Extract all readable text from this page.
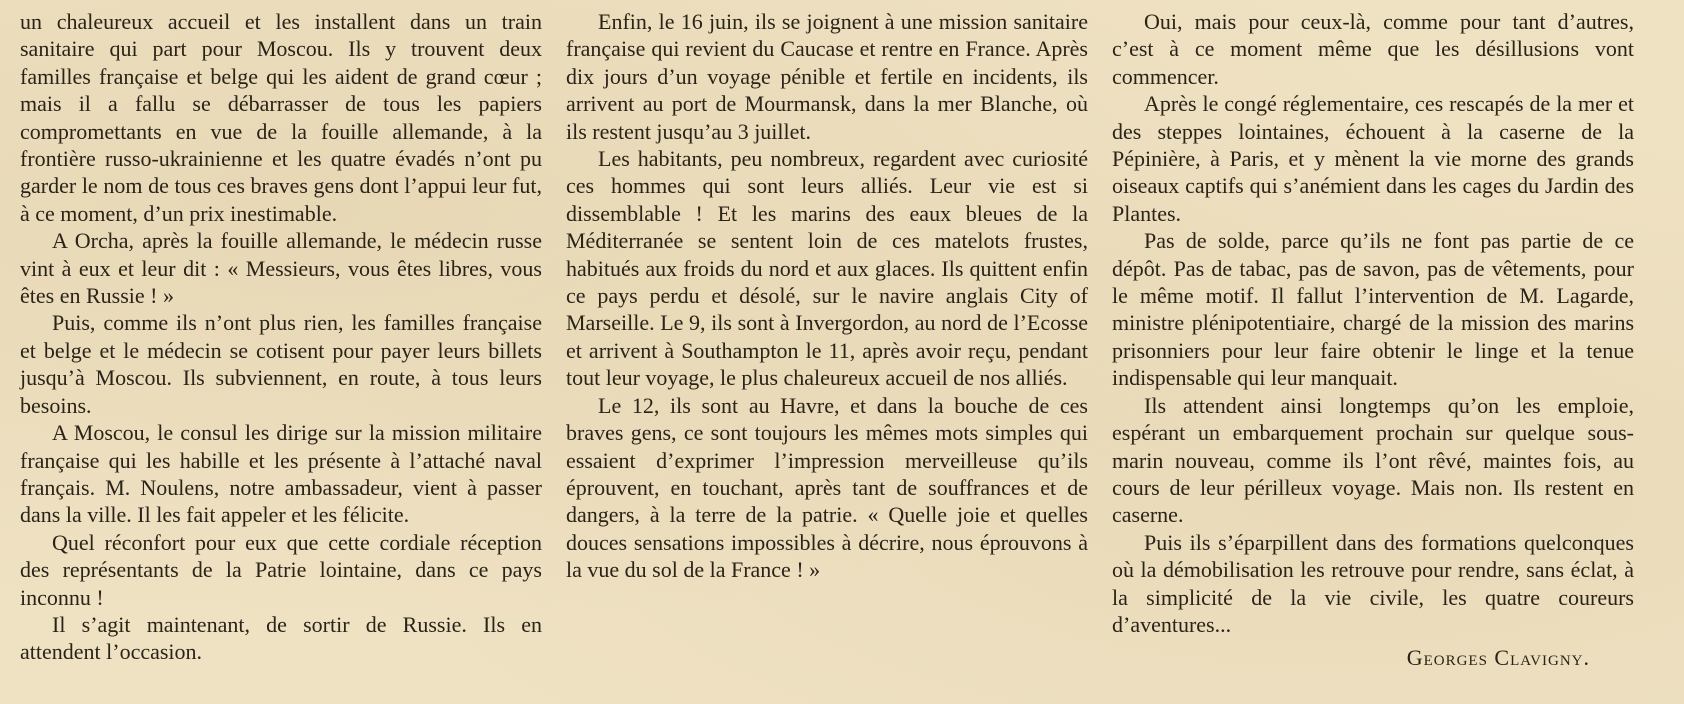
un chaleureux accueil et les installent dans un train sanitaire qui part pour Moscou. Ils y trouvent deux familles française et belge qui les aident de grand cœur ; mais il a fallu se débarrasser de tous les papiers compromettants en vue de la fouille allemande, à la frontière russo-ukrainienne et les quatre évadés n’ont pu garder le nom de tous ces braves gens dont l’appui leur fut, à ce moment, d’un prix inestimable.

A Orcha, après la fouille allemande, le médecin russe vint à eux et leur dit : « Messieurs, vous êtes libres, vous êtes en Russie ! »

Puis, comme ils n’ont plus rien, les familles française et belge et le médecin se cotisent pour payer leurs billets jusqu’à Moscou. Ils subviennent, en route, à tous leurs besoins.

A Moscou, le consul les dirige sur la mission militaire française qui les habille et les présente à l’attaché naval français. M. Noulens, notre ambassadeur, vient à passer dans la ville. Il les fait appeler et les félicite.

Quel réconfort pour eux que cette cordiale réception des représentants de la Patrie lointaine, dans ce pays inconnu !

Il s’agit maintenant, de sortir de Russie. Ils en attendent l’occasion.

Enfin, le 16 juin, ils se joignent à une mission sanitaire française qui revient du Caucase et rentre en France. Après dix jours d’un voyage pénible et fertile en incidents, ils arrivent au port de Mourmansk, dans la mer Blanche, où ils restent jusqu’au 3 juillet.

Les habitants, peu nombreux, regardent avec curiosité ces hommes qui sont leurs alliés. Leur vie est si dissemblable ! Et les marins des eaux bleues de la Méditerranée se sentent loin de ces matelots frustes, habitués aux froids du nord et aux glaces. Ils quittent enfin ce pays perdu et désolé, sur le navire anglais City of Marseille. Le 9, ils sont à Invergordon, au nord de l’Ecosse et arrivent à Southampton le 11, après avoir reçu, pendant tout leur voyage, le plus chaleureux accueil de nos alliés.

Le 12, ils sont au Havre, et dans la bouche de ces braves gens, ce sont toujours les mêmes mots simples qui essaient d’exprimer l’impression merveilleuse qu’ils éprouvent, en touchant, après tant de souffrances et de dangers, à la terre de la patrie. « Quelle joie et quelles douces sensations impossibles à décrire, nous éprouvons à la vue du sol de la France ! »

Oui, mais pour ceux-là, comme pour tant d’autres, c’est à ce moment même que les désillusions vont commencer.

Après le congé réglementaire, ces rescapés de la mer et des steppes lointaines, échouent à la caserne de la Pépinière, à Paris, et y mènent la vie morne des grands oiseaux captifs qui s’anémient dans les cages du Jardin des Plantes.

Pas de solde, parce qu’ils ne font pas partie de ce dépôt. Pas de tabac, pas de savon, pas de vêtements, pour le même motif. Il fallut l’intervention de M. Lagarde, ministre plénipotentiaire, chargé de la mission des marins prisonniers pour leur faire obtenir le linge et la tenue indispensable qui leur manquait.

Ils attendent ainsi longtemps qu’on les emploie, espérant un embarquement prochain sur quelque sous-marin nouveau, comme ils l’ont rêvé, maintes fois, au cours de leur périlleux voyage. Mais non. Ils restent en caserne.

Puis ils s’éparpillent dans des formations quelconques où la démobilisation les retrouve pour rendre, sans éclat, à la simplicité de la vie civile, les quatre coureurs d’aventures...

Georges Clavigny.
